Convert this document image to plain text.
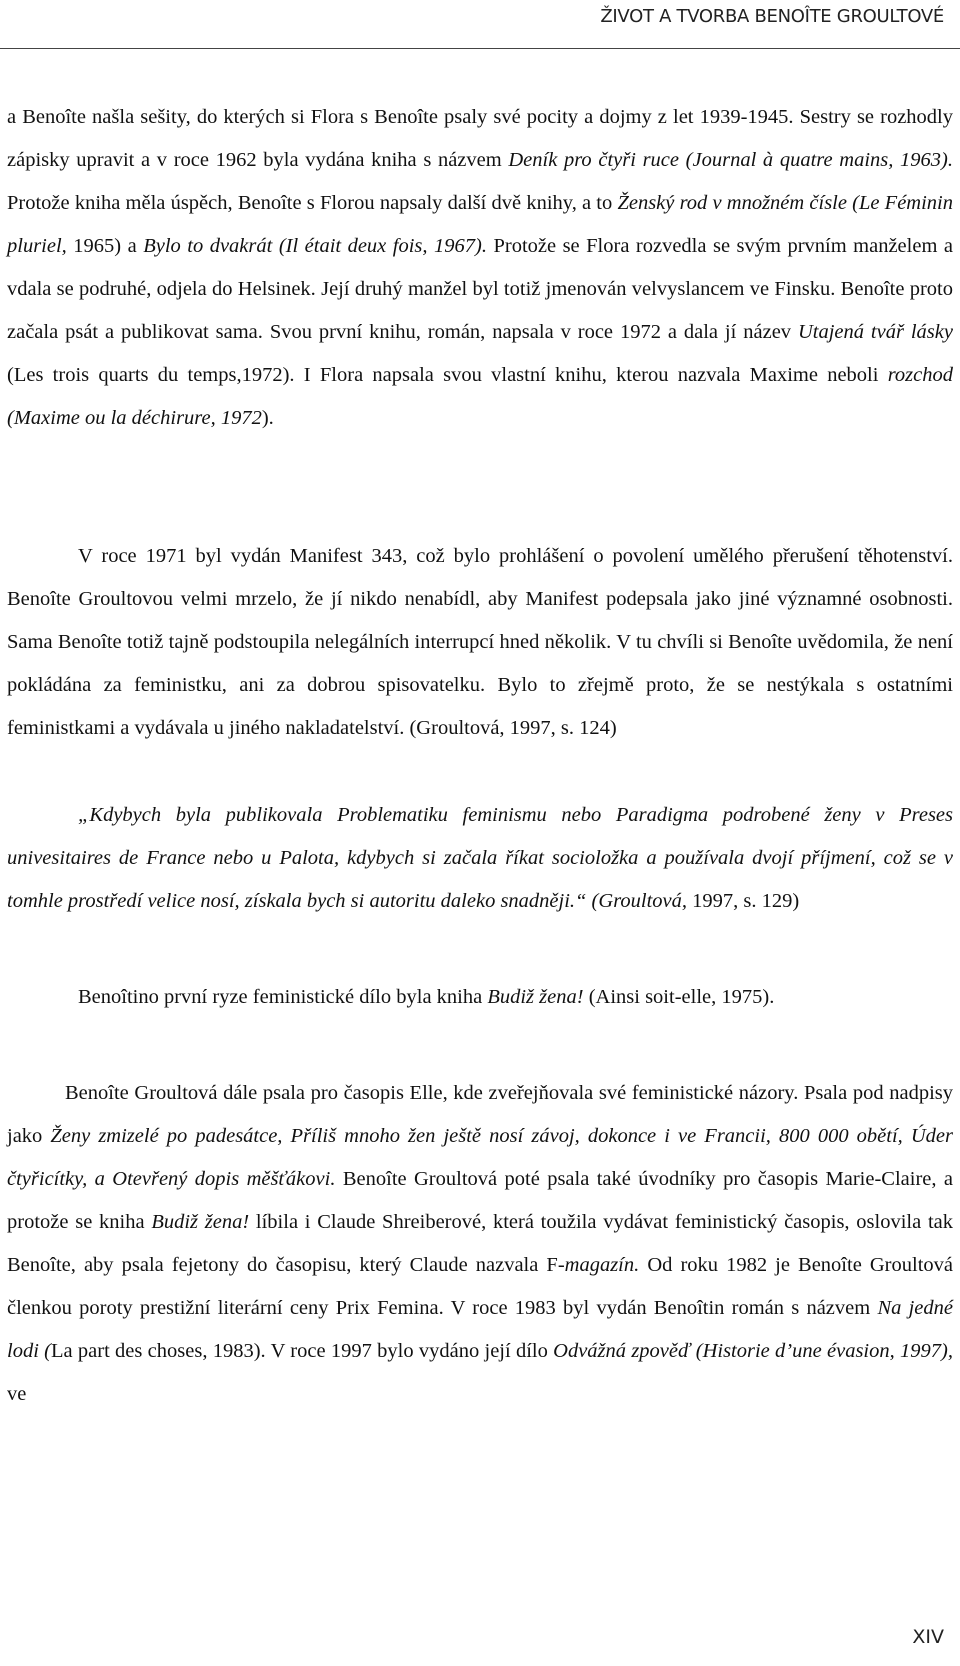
ŽIVOT A TVORBA BENOÎTE GROULTOVÉ

a Benoîte našla sešity, do kterých si Flora s Benoîte psaly své pocity a dojmy z let 1939-1945. Sestry se rozhodly zápisky upravit a v roce 1962 byla vydána kniha s názvem Deník pro čtyři ruce (Journal à quatre mains, 1963). Protože kniha měla úspěch, Benoîte s Florou napsaly další dvě knihy, a to Ženský rod v množném čísle (Le Féminin pluriel, 1965) a Bylo to dvakrát (Il était deux fois, 1967). Protože se Flora rozvedla se svým prvním manželem a vdala se podruhé, odjela do Helsinek. Její druhý manžel byl totiž jmenován velvyslancem ve Finsku. Benoîte proto začala psát a publikovat sama. Svou první knihu, román, napsala v roce 1972 a dala jí název Utajená tvář lásky (Les trois quarts du temps,1972). I Flora napsala svou vlastní knihu, kterou nazvala Maxime neboli rozchod (Maxime ou la déchirure, 1972).

V roce 1971 byl vydán Manifest 343, což bylo prohlášení o povolení umělého přerušení těhotenství. Benoîte Groultovou velmi mrzelo, že jí nikdo nenabídl, aby Manifest podepsala jako jiné významné osobnosti. Sama Benoîte totiž tajně podstoupila nelegálních interrupcí hned několik. V tu chvíli si Benoîte uvědomila, že není pokládána za feministku, ani za dobrou spisovatelku. Bylo to zřejmě proto, že se nestýkala s ostatními feministkami a vydávala u jiného nakladatelství. (Groultová, 1997, s. 124)

„Kdybych byla publikovala Problematiku feminismu nebo Paradigma podrobené ženy v Preses univesitaires de France nebo u Palota, kdybych si začala říkat socioložka a používala dvojí příjmení, což se v tomhle prostředí velice nosí, získala bych si autoritu daleko snadněji.“ (Groultová, 1997, s. 129)

Benoîtino první ryze feministické dílo byla kniha Budiž žena! (Ainsi soit-elle, 1975).

Benoîte Groultová dále psala pro časopis Elle, kde zveřejňovala své feministické názory. Psala pod nadpisy jako Ženy zmizelé po padesátce, Příliš mnoho žen ještě nosí závoj, dokonce i ve Francii, 800 000 obětí, Úder čtyřicítky, a Otevřený dopis měšťákovi. Benoîte Groultová poté psala také úvodníky pro časopis Marie-Claire, a protože se kniha Budiž žena! líbila i Claude Shreiberové, která toužila vydávat feministický časopis, oslovila tak Benoîte, aby psala fejetony do časopisu, který Claude nazvala F-magazín. Od roku 1982 je Benoîte Groultová členkou poroty prestižní literární ceny Prix Femina. V roce 1983 byl vydán Benoîtin román s názvem Na jedné lodi (La part des choses, 1983). V roce 1997 bylo vydáno její dílo Odvážná zpověď (Historie d’une évasion, 1997), ve

XIV
